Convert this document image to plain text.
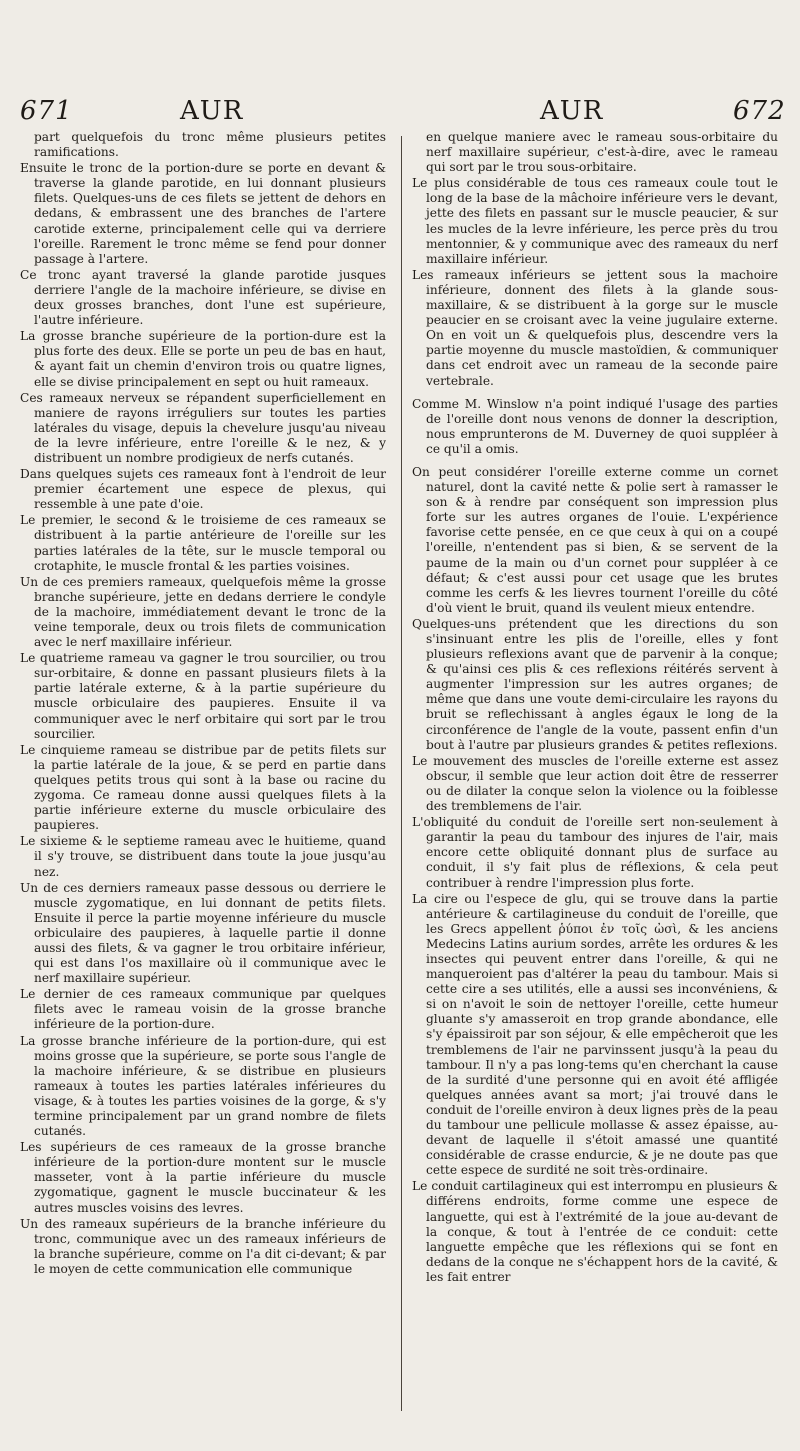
671	AUR	AUR	672

part quelquefois du tronc même plusieurs petites ramifications.

Ensuite le tronc de la portion-dure se porte en devant & traverse la glande parotide, en lui donnant plusieurs filets. Quelques-uns de ces filets se jettent de dehors en dedans, & embrassent une des branches de l'artere carotide externe, principalement celle qui va derriere l'oreille. Rarement le tronc même se fend pour donner passage à l'artere.

Ce tronc ayant traversé la glande parotide jusques derriere l'angle de la machoire inférieure, se divise en deux grosses branches, dont l'une est supérieure, l'autre inférieure.

La grosse branche supérieure de la portion-dure est la plus forte des deux. Elle se porte un peu de bas en haut, & ayant fait un chemin d'environ trois ou quatre lignes, elle se divise principalement en sept ou huit rameaux.

Ces rameaux nerveux se répandent superficiellement en maniere de rayons irréguliers sur toutes les parties latérales du visage, depuis la chevelure jusqu'au niveau de la levre inférieure, entre l'oreille & le nez, & y distribuent un nombre prodigieux de nerfs cutanés.

Dans quelques sujets ces rameaux font à l'endroit de leur premier écartement une espece de plexus, qui ressemble à une pate d'oie.

Le premier, le second & le troisieme de ces rameaux se distribuent à la partie antérieure de l'oreille sur les parties latérales de la tête, sur le muscle temporal ou crotaphite, le muscle frontal & les parties voisines.

Un de ces premiers rameaux, quelquefois même la grosse branche supérieure, jette en dedans derriere le condyle de la machoire, immédiatement devant le tronc de la veine temporale, deux ou trois filets de communication avec le nerf maxillaire inférieur.

Le quatrieme rameau va gagner le trou sourcilier, ou trou sur-orbitaire, & donne en passant plusieurs filets à la partie latérale externe, & à la partie supérieure du muscle orbiculaire des paupieres. Ensuite il va communiquer avec le nerf orbitaire qui sort par le trou sourcilier.

Le cinquieme rameau se distribue par de petits filets sur la partie latérale de la joue, & se perd en partie dans quelques petits trous qui sont à la base ou racine du zygoma. Ce rameau donne aussi quelques filets à la partie inférieure externe du muscle orbiculaire des paupieres.

Le sixieme & le septieme rameau avec le huitieme, quand il s'y trouve, se distribuent dans toute la joue jusqu'au nez.

Un de ces derniers rameaux passe dessous ou derriere le muscle zygomatique, en lui donnant de petits filets. Ensuite il perce la partie moyenne inférieure du muscle orbiculaire des paupieres, à laquelle partie il donne aussi des filets, & va gagner le trou orbitaire inférieur, qui est dans l'os maxillaire où il communique avec le nerf maxillaire supérieur.

Le dernier de ces rameaux communique par quelques filets avec le rameau voisin de la grosse branche inférieure de la portion-dure.

La grosse branche inférieure de la portion-dure, qui est moins grosse que la supérieure, se porte sous l'angle de la machoire inférieure, & se distribue en plusieurs rameaux à toutes les parties latérales inférieures du visage, & à toutes les parties voisines de la gorge, & s'y termine principalement par un grand nombre de filets cutanés.

Les supérieurs de ces rameaux de la grosse branche inférieure de la portion-dure montent sur le muscle masseter, vont à la partie inférieure du muscle zygomatique, gagnent le muscle buccinateur & les autres muscles voisins des levres.

Un des rameaux supérieurs de la branche inférieure du tronc, communique avec un des rameaux inférieurs de la branche supérieure, comme on l'a dit ci-devant; & par le moyen de cette communication elle communique

en quelque maniere avec le rameau sous-orbitaire du nerf maxillaire supérieur, c'est-à-dire, avec le rameau qui sort par le trou sous-orbitaire.

Le plus considérable de tous ces rameaux coule tout le long de la base de la mâchoire inférieure vers le devant, jette des filets en passant sur le muscle peaucier, & sur les mucles de la levre inférieure, les perce près du trou mentonnier, & y communique avec des rameaux du nerf maxillaire inférieur.

Les rameaux inférieurs se jettent sous la machoire inférieure, donnent des filets à la glande sous-maxillaire, & se distribuent à la gorge sur le muscle peaucier en se croisant avec la veine jugulaire externe. On en voit un & quelquefois plus, descendre vers la partie moyenne du muscle mastoïdien, & communiquer dans cet endroit avec un rameau de la seconde paire vertebrale.

Comme M. Winslow n'a point indiqué l'usage des parties de l'oreille dont nous venons de donner la description, nous emprunterons de M. Duverney de quoi suppléer à ce qu'il a omis.

On peut considérer l'oreille externe comme un cornet naturel, dont la cavité nette & polie sert à ramasser le son & à rendre par conséquent son impression plus forte sur les autres organes de l'ouie. L'expérience favorise cette pensée, en ce que ceux à qui on a coupé l'oreille, n'entendent pas si bien, & se servent de la paume de la main ou d'un cornet pour suppléer à ce défaut; & c'est aussi pour cet usage que les brutes comme les cerfs & les lievres tournent l'oreille du côté d'où vient le bruit, quand ils veulent mieux entendre.

Quelques-uns prétendent que les directions du son s'insinuant entre les plis de l'oreille, elles y font plusieurs reflexions avant que de parvenir à la conque; & qu'ainsi ces plis & ces reflexions réitérés servent à augmenter l'impression sur les autres organes; de même que dans une voute demi-circulaire les rayons du bruit se reflechissant à angles égaux le long de la circonférence de l'angle de la voute, passent enfin d'un bout à l'autre par plusieurs grandes & petites reflexions.

Le mouvement des muscles de l'oreille externe est assez obscur, il semble que leur action doit être de resserrer ou de dilater la conque selon la violence ou la foiblesse des tremblemens de l'air.

L'obliquité du conduit de l'oreille sert non-seulement à garantir la peau du tambour des injures de l'air, mais encore cette obliquité donnant plus de surface au conduit, il s'y fait plus de réflexions, & cela peut contribuer à rendre l'impression plus forte.

La cire ou l'espece de glu, qui se trouve dans la partie antérieure & cartilagineuse du conduit de l'oreille, que les Grecs appellent ῥύποι ἐν τοῖς ὠσὶ, & les anciens Medecins Latins aurium sordes, arrête les ordures & les insectes qui peuvent entrer dans l'oreille, & qui ne manqueroient pas d'altérer la peau du tambour. Mais si cette cire a ses utilités, elle a aussi ses inconvéniens, & si on n'avoit le soin de nettoyer l'oreille, cette humeur gluante s'y amasseroit en trop grande abondance, elle s'y épaissiroit par son séjour, & elle empêcheroit que les tremblemens de l'air ne parvinssent jusqu'à la peau du tambour. Il n'y a pas long-tems qu'en cherchant la cause de la surdité d'une personne qui en avoit été affligée quelques années avant sa mort; j'ai trouvé dans le conduit de l'oreille environ à deux lignes près de la peau du tambour une pellicule mollasse & assez épaisse, au-devant de laquelle il s'étoit amassé une quantité considérable de crasse endurcie, & je ne doute pas que cette espece de surdité ne soit très-ordinaire.

Le conduit cartilagineux qui est interrompu en plusieurs & différens endroits, forme comme une espece de languette, qui est à l'extrémité de la joue au-devant de la conque, & tout à l'entrée de ce conduit: cette languette empêche que les réflexions qui se font en dedans de la conque ne s'échappent hors de la cavité, & les fait entrer
